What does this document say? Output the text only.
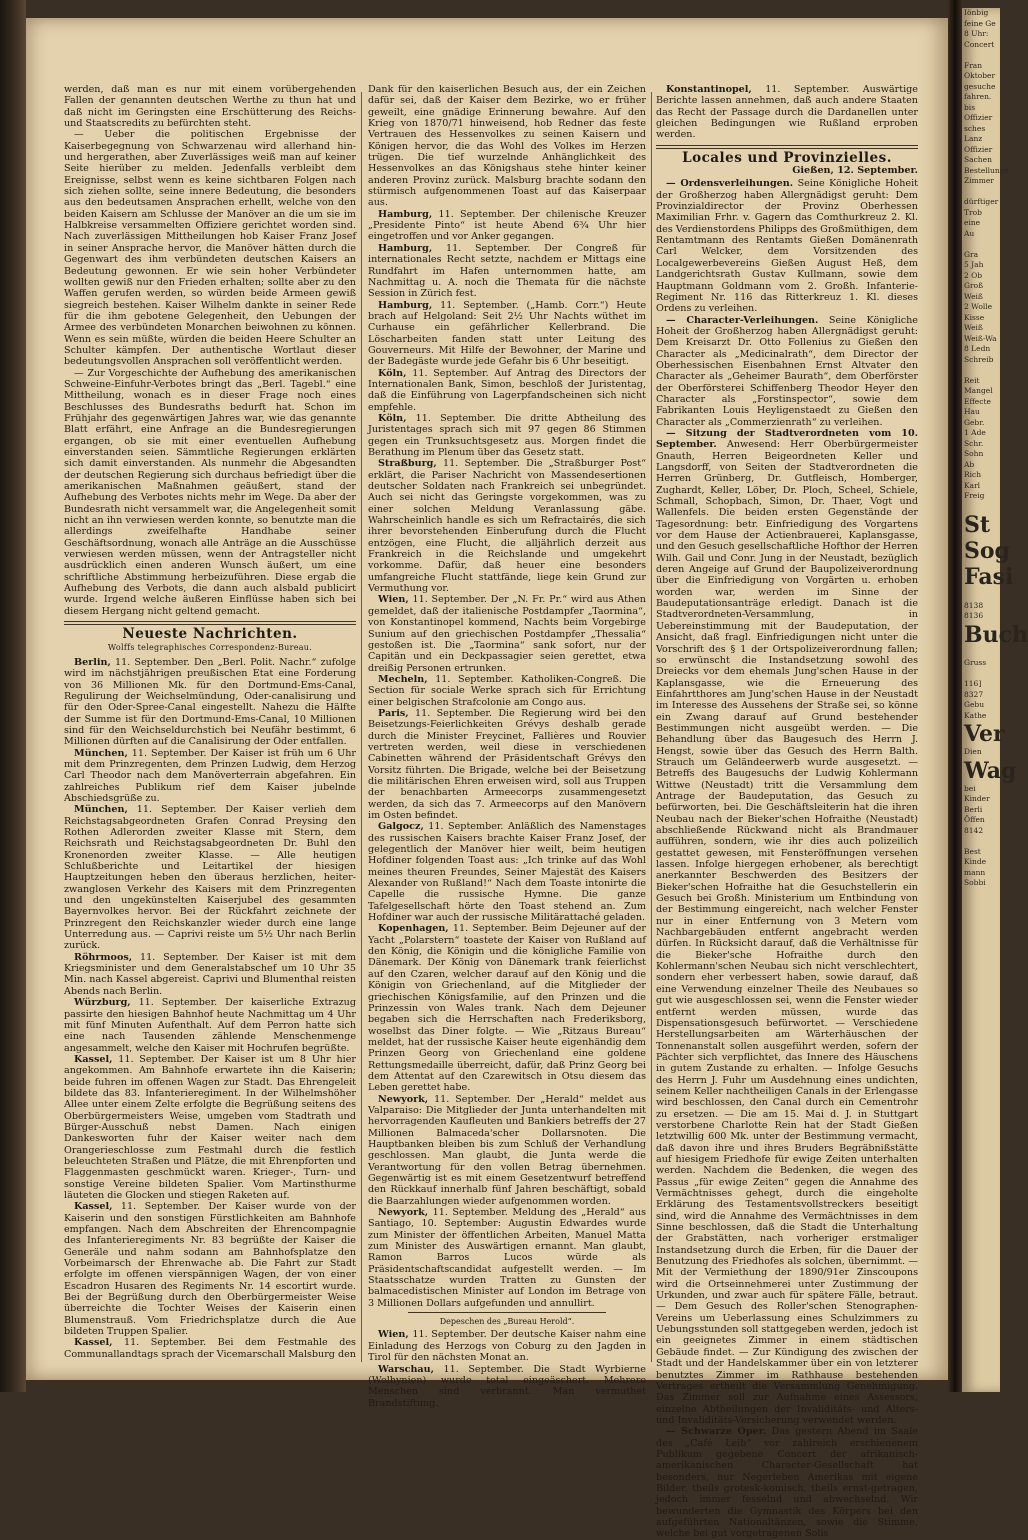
Iönbig
feine Ge
8 Uhr:
Concert

Fran
Oktober
gesuche
fahren.
bis
Offizier
sches
Lanz
Offizier
Sachen
Bestellungs
Zimmer

dürftiger
Trob
eine
Au

Gra
5 Jah
2 Ob
Groß
Weiß
2 Wolle
Kisse
Weiß
Weiß-Wa
8 Ledn
Schreib

Reit
Mangel
Effecte
Hau
Gebr.
1 Ade
Schr.
Sohn
Ab
Rich
Karl
Freig

St
Sog
Fasi

8138
8136
Buch

Gruss

116]
8327
Gebu
Kathe
Ver
Dien
Wag
bei
Kinder
Berli
Öffen
8142

Best
Kinde
mann
Sobbi

werden, daß man es nur mit einem vorübergehenden Fallen der genannten deutschen Werthe zu thun hat und daß nicht im Geringsten eine Erschütterung des Reichs- und Staatscredits zu befürchten steht.

— Ueber die politischen Ergebnisse der Kaiserbegegnung von Schwarzenau wird allerhand hin- und hergerathen, aber Zuverlässiges weiß man auf keiner Seite hierüber zu melden. Jedenfalls verbleibt dem Ereignisse, selbst wenn es keine sichtbaren Folgen nach sich ziehen sollte, seine innere Bedeutung, die besonders aus den bedeutsamen Ansprachen erhellt, welche von den beiden Kaisern am Schlusse der Manöver an die um sie im Halbkreise versammelten Offiziere gerichtet worden sind. Nach zuverlässigen Mittheilungen hob Kaiser Franz Josef in seiner Ansprache hervor, die Manöver hätten durch die Gegenwart des ihm verbündeten deutschen Kaisers an Bedeutung gewonnen. Er wie sein hoher Verbündeter wollten gewiß nur den Frieden erhalten; sollte aber zu den Waffen gerufen werden, so würden beide Armeen gewiß siegreich bestehen. Kaiser Wilhelm dankte in seiner Rede für die ihm gebotene Gelegenheit, den Uebungen der Armee des verbündeten Monarchen beiwohnen zu können. Wenn es sein müßte, würden die beiden Heere Schulter an Schulter kämpfen. Der authentische Wortlaut dieser bedeutungsvollen Ansprachen soll veröffentlicht werden.

— Zur Vorgeschichte der Aufhebung des amerikanischen Schweine-Einfuhr-Verbotes bringt das „Berl. Tagebl.“ eine Mittheilung, wonach es in dieser Frage noch eines Beschlusses des Bundesraths bedurft hat. Schon im Frühjahr des gegenwärtigen Jahres war, wie das genannte Blatt erfährt, eine Anfrage an die Bundesregierungen ergangen, ob sie mit einer eventuellen Aufhebung einverstanden seien. Sämmtliche Regierungen erklärten sich damit einverstanden. Als nunmehr die Abgesandten der deutschen Regierung sich durchaus befriedigt über die amerikanischen Maßnahmen geäußert, stand der Aufhebung des Verbotes nichts mehr im Wege. Da aber der Bundesrath nicht versammelt war, die Angelegenheit somit nicht an ihn verwiesen werden konnte, so benutzte man die allerdings zweifelhafte Handhabe seiner Geschäftsordnung, wonach alle Anträge an die Ausschüsse verwiesen werden müssen, wenn der Antragsteller nicht ausdrücklich einen anderen Wunsch äußert, um eine schriftliche Abstimmung herbeizuführen. Diese ergab die Aufhebung des Verbots, die dann auch alsbald publicirt wurde. Irgend welche äußeren Einflüsse haben sich bei diesem Hergang nicht geltend gemacht.

Neueste Nachrichten.
Wolffs telegraphisches Correspondenz-Bureau.

Berlin, 11. September. Den „Berl. Polit. Nachr.“ zufolge wird im nächstjährigen preußischen Etat eine Forderung von 36 Millionen Mk. für den Dortmund-Ems-Canal, Regulirung der Weichselmündung, Oder-canalisirung und für den Oder-Spree-Canal eingestellt. Nahezu die Hälfte der Summe ist für den Dortmund-Ems-Canal, 10 Millionen sind für den Weichseldurchstich bei Neufähr bestimmt, 6 Millionen dürften auf die Canalisirung der Oder entfallen.

München, 11. September. Der Kaiser ist früh um 6 Uhr mit dem Prinzregenten, dem Prinzen Ludwig, dem Herzog Carl Theodor nach dem Manöverterrain abgefahren. Ein zahlreiches Publikum rief dem Kaiser jubelnde Abschiedsgrüße zu.

München, 11. September. Der Kaiser verlieh dem Reichstagsabgeordneten Grafen Conrad Preysing den Rothen Adlerorden zweiter Klasse mit Stern, dem Reichsrath und Reichstagsabgeordneten Dr. Buhl den Kronenorden zweiter Klasse. — Alle heutigen Schlußberichte und Leitartikel der hiesigen Hauptzeitungen heben den überaus herzlichen, heiter-zwanglosen Verkehr des Kaisers mit dem Prinzregenten und den ungekünstelten Kaiserjubel des gesammten Bayernvolkes hervor. Bei der Rückfahrt zeichnete der Prinzregent den Reichskanzler wieder durch eine lange Unterredung aus. — Caprivi reiste um 5½ Uhr nach Berlin zurück.

Röhrmoos, 11. September. Der Kaiser ist mit dem Kriegsminister und dem Generalstabschef um 10 Uhr 35 Min. nach Kassel abgereist. Caprivi und Blumenthal reisten Abends nach Berlin.

Würzburg, 11. September. Der kaiserliche Extrazug passirte den hiesigen Bahnhof heute Nachmittag um 4 Uhr mit fünf Minuten Aufenthalt. Auf dem Perron hatte sich eine nach Tausenden zählende Menschenmenge angesammelt, welche den Kaiser mit Hochrufen begrüßte.

Kassel, 11. September. Der Kaiser ist um 8 Uhr hier angekommen. Am Bahnhofe erwartete ihn die Kaiserin; beide fuhren im offenen Wagen zur Stadt. Das Ehrengeleit bildete das 83. Infanterieregiment. In der Wilhelmshöher Allee unter einem Zelte erfolgte die Begrüßung seitens des Oberbürgermeisters Weise, umgeben vom Stadtrath und Bürger-Ausschuß nebst Damen. Nach einigen Dankesworten fuhr der Kaiser weiter nach dem Orangerieschlosse zum Festmahl durch die festlich beleuchteten Straßen und Plätze, die mit Ehrenpforten und Flaggenmasten geschmückt waren. Krieger-, Turn- und sonstige Vereine bildeten Spalier. Vom Martinsthurme läuteten die Glocken und stiegen Raketen auf.

Kassel, 11. September. Der Kaiser wurde von der Kaiserin und den sonstigen Fürstlichkeiten am Bahnhofe empfangen. Nach dem Abschreiten der Ehrencompagnie des Infanterieregiments Nr. 83 begrüßte der Kaiser die Generäle und nahm sodann am Bahnhofsplatze den Vorbeimarsch der Ehrenwache ab. Die Fahrt zur Stadt erfolgte im offenen vierspännigen Wagen, der von einer Escadron Husaren des Regiments Nr. 14 escortirt wurde. Bei der Begrüßung durch den Oberbürgermeister Weise überreichte die Tochter Weises der Kaiserin einen Blumenstrauß. Vom Friedrichsplatze durch die Aue bildeten Truppen Spalier.

Kassel, 11. September. Bei dem Festmahle des Communallandtags sprach der Vicemarschall Malsburg den

Dank für den kaiserlichen Besuch aus, der ein Zeichen dafür sei, daß der Kaiser dem Bezirke, wo er früher geweilt, eine gnädige Erinnerung bewahre. Auf den Krieg von 1870/71 hinweisend, hob Redner das feste Vertrauen des Hessenvolkes zu seinen Kaisern und Königen hervor, die das Wohl des Volkes im Herzen trügen. Die tief wurzelnde Anhänglichkeit des Hessenvolkes an das Königshaus stehe hinter keiner anderen Provinz zurück. Malsburg brachte sodann den stürmisch aufgenommenen Toast auf das Kaiserpaar aus.

Hamburg, 11. September. Der chilenische Kreuzer „Presidente Pinto“ ist heute Abend 6¾ Uhr hier eingetroffen und vor Anker gegangen.

Hamburg, 11. September. Der Congreß für internationales Recht setzte, nachdem er Mittags eine Rundfahrt im Hafen unternommen hatte, am Nachmittag u. A. noch die Themata für die nächste Session in Zürich fest.

Hamburg, 11. September. („Hamb. Corr.“) Heute brach auf Helgoland: Seit 2½ Uhr Nachts wüthet im Curhause ein gefährlicher Kellerbrand. Die Löscharbeiten fanden statt unter Leitung des Gouverneurs. Mit Hilfe der Bewohner, der Marine und der Badegäste wurde jede Gefahr bis 6 Uhr beseitigt.

Köln, 11. September. Auf Antrag des Directors der Internationalen Bank, Simon, beschloß der Juristentag, daß die Einführung von Lagerpfandscheinen sich nicht empfehle.

Köln, 11. September. Die dritte Abtheilung des Juristentages sprach sich mit 97 gegen 86 Stimmen gegen ein Trunksuchtsgesetz aus. Morgen findet die Berathung im Plenum über das Gesetz statt.

Straßburg, 11. September. Die „Straßburger Post“ erklärt, die Pariser Nachricht von Massendesertionen deutscher Soldaten nach Frankreich sei unbegründet. Auch sei nicht das Geringste vorgekommen, was zu einer solchen Meldung Veranlassung gäbe. Wahrscheinlich handle es sich um Refractairés, die sich ihrer bevorstehenden Einberufung durch die Flucht entzögen, eine Flucht, die alljährlich derzeit aus Frankreich in die Reichslande und umgekehrt vorkomme. Dafür, daß heuer eine besonders umfangreiche Flucht stattfände, liege kein Grund zur Vermuthung vor.

Wien, 11. September. Der „N. Fr. Pr.“ wird aus Athen gemeldet, daß der italienische Postdampfer „Taormina“, von Konstantinopel kommend, Nachts beim Vorgebirge Sunium auf den griechischen Postdampfer „Thessalia“ gestoßen ist. Die „Taormina“ sank sofort, nur der Capitän und ein Deckpassagier seien gerettet, etwa dreißig Personen ertrunken.

Mecheln, 11. September. Katholiken-Congreß. Die Section für sociale Werke sprach sich für Errichtung einer belgischen Strafcolonie am Congo aus.

Paris, 11. September. Die Regierung wird bei den Beisetzungs-Feierlichkeiten Grévys deshalb gerade durch die Minister Freycinet, Fallières und Rouvier vertreten werden, weil diese in verschiedenen Cabinetten während der Präsidentschaft Grévys den Vorsitz führten. Die Brigade, welche bei der Beisetzung die militärischen Ehren erweisen wird, soll aus Truppen der benachbarten Armeecorps zusammengesetzt werden, da sich das 7. Armeecorps auf den Manövern im Osten befindet.

Galgocz, 11. September. Anläßlich des Namenstages des russischen Kaisers brachte Kaiser Franz Josef, der gelegentlich der Manöver hier weilt, beim heutigen Hofdiner folgenden Toast aus: „Ich trinke auf das Wohl meines theuren Freundes, Seiner Majestät des Kaisers Alexander von Rußland!“ Nach dem Toaste intonirte die Capelle die russische Hymne. Die ganze Tafelgesellschaft hörte den Toast stehend an. Zum Hofdiner war auch der russische Militärattaché geladen.

Kopenhagen, 11. September. Beim Dejeuner auf der Yacht „Polarstern“ toastete der Kaiser von Rußland auf den König, die Königin und die königliche Familie von Dänemark. Der König von Dänemark trank feierlichst auf den Czaren, welcher darauf auf den König und die Königin von Griechenland, auf die Mitglieder der griechischen Königsfamilie, auf den Prinzen und die Prinzessin von Wales trank. Nach dem Dejeuner begaben sich die Herrschaften nach Frederiksborg, woselbst das Diner folgte. — Wie „Ritzaus Bureau“ meldet, hat der russische Kaiser heute eigenhändig dem Prinzen Georg von Griechenland eine goldene Rettungsmedaille überreicht, dafür, daß Prinz Georg bei dem Attentat auf den Czarewitsch in Otsu diesem das Leben gerettet habe.

Newyork, 11. September. Der „Herald“ meldet aus Valparaiso: Die Mitglieder der Junta unterhandelten mit hervorragenden Kaufleuten und Bankiers betreffs der 27 Millionen Balmaceda'scher Dollarsnoten. Die Hauptbanken bleiben bis zum Schluß der Verhandlung geschlossen. Man glaubt, die Junta werde die Verantwortung für den vollen Betrag übernehmen. Gegenwärtig ist es mit einem Gesetzentwurf betreffend den Rückkauf innerhalb fünf Jahren beschäftigt, sobald die Baarzahlungen wieder aufgenommen worden.

Newyork, 11. September. Meldung des „Herald“ aus Santiago, 10. September: Augustin Edwardes wurde zum Minister der öffentlichen Arbeiten, Manuel Matta zum Minister des Auswärtigen ernannt. Man glaubt, Ramon Barros Lucos würde als Präsidentschaftscandidat aufgestellt werden. — Im Staatsschatze wurden Tratten zu Gunsten der balmacedistischen Minister auf London im Betrage von 3 Millionen Dollars aufgefunden und annullirt.

Depeschen des „Bureau Herold“.

Wien, 11. September. Der deutsche Kaiser nahm eine Einladung des Herzogs von Coburg zu den Jagden in Tirol für den nächsten Monat an.

Warschau, 11. September. Die Stadt Wyrbierne (Wolhynien) wurde total eingeäschert. Mehrere Menschen sind verbrannt. Man vermuthet Brandstiftung.

Konstantinopel, 11. September. Auswärtige Berichte lassen annehmen, daß auch andere Staaten das Recht der Passage durch die Dardanellen unter gleichen Bedingungen wie Rußland erproben werden.

Locales und Provinzielles.
Gießen, 12. September.

— Ordensverleihungen. Seine Königliche Hoheit der Großherzog haben Allergnädigst geruht: Dem Provinzialdirector der Provinz Oberhessen Maximilian Frhr. v. Gagern das Comthurkreuz 2. Kl. des Verdienstordens Philipps des Großmüthigen, dem Rentamtmann des Rentamts Gießen Domänenrath Carl Welcker, dem Vorsitzenden des Localgewerbevereins Gießen August Heß, dem Landgerichtsrath Gustav Kullmann, sowie dem Hauptmann Goldmann vom 2. Großh. Infanterie-Regiment Nr. 116 das Ritterkreuz 1. Kl. dieses Ordens zu verleihen.

— Character-Verleihungen. Seine Königliche Hoheit der Großherzog haben Allergnädigst geruht: Dem Kreisarzt Dr. Otto Follenius zu Gießen den Character als „Medicinalrath“, dem Director der Oberhessischen Eisenbahnen Ernst Altvater den Character als „Geheimer Baurath“, dem Oberförster der Oberförsterei Schiffenberg Theodor Heyer den Character als „Forstinspector“, sowie dem Fabrikanten Louis Heyligenstaedt zu Gießen den Character als „Commerzienrath“ zu verleihen.

— Sitzung der Stadtverordneten vom 10. September. Anwesend: Herr Oberbürgermeister Gnauth, Herren Beigeordneten Keller und Langsdorff, von Seiten der Stadtverordneten die Herren Grünberg, Dr. Gutfleisch, Homberger, Zughardt, Keller, Löber, Dr. Ploch, Scheel, Schiele, Schmall, Schopbach, Simon, Dr. Thaer, Vogt und Wallenfels. Die beiden ersten Gegenstände der Tagesordnung: betr. Einfriedigung des Vorgartens vor dem Hause der Actienbrauerei, Kaplansgasse, und den Gesuch gesellschaftliche Hofthor der Herren Wilh. Gail und Conr. Jung in der Neustadt, bezüglich deren Angeige auf Grund der Baupolizeiverordnung über die Einfriedigung von Vorgärten u. erhoben worden war, werden im Sinne der Baudeputationsanträge erledigt. Danach ist die Stadtverordneten-Versammlung, in Uebereinstimmung mit der Baudeputation, der Ansicht, daß fragl. Einfriedigungen nicht unter die Vorschrift des § 1 der Ortspolizeiverordnung fallen; so erwünscht die Instandsetzung sowohl des Dreiecks vor dem ehemals Jung'schen Hause in der Kaplansgasse, wie die Erneuerung des Einfahrtthores am Jung'schen Hause in der Neustadt im Interesse des Aussehens der Straße sei, so könne ein Zwang darauf auf Grund bestehender Bestimmungen nicht ausgeübt werden. — Die Behandlung über das Baugesuch des Herrn J. Hengst, sowie über das Gesuch des Herrn Balth. Strauch um Geländeerwerb wurde ausgesetzt. — Betreffs des Baugesuchs der Ludwig Kohlermann Wittwe (Neustadt) tritt die Versammlung dem Antrage der Baudeputation, das Gesuch zu befürworten, bei. Die Geschäftsleiterin hat die ihren Neubau nach der Bieker'schen Hofraithe (Neustadt) abschließende Rückwand nicht als Brandmauer aufführen, sondern, wie ihr dies auch polizeilich gestattet gewesen, mit Fensteröffnungen versehen lassen. Infolge hiergegen erhobener, als berechtigt anerkannter Beschwerden des Besitzers der Bieker'schen Hofraithe hat die Gesuchstellerin ein Gesuch bei Großh. Ministerium um Entbindung von der Bestimmung eingereicht, nach welcher Fenster nur in einer Entfernung von 3 Metern vom Nachbargebäuden entfernt angebracht werden dürfen. In Rücksicht darauf, daß die Verhältnisse für die Bieker'sche Hofraithe durch den Kohlermann'schen Neubau sich nicht verschlechtert, sondern eher verbessert haben, sowie darauf, daß eine Verwendung einzelner Theile des Neubaues so gut wie ausgeschlossen sei, wenn die Fenster wieder entfernt werden müssen, wurde das Dispensationsgesuch befürwortet. — Verschiedene Herstellungsarbeiten am Wärterhäuschen der Tonnenanstalt sollen ausgeführt werden, sofern der Pächter sich verpflichtet, das Innere des Häuschens in gutem Zustande zu erhalten. — Infolge Gesuchs des Herrn J. Fuhr um Ausdehnung eines undichten, seinem Keller nachtheiligen Canals in der Erlengasse wird beschlossen, den Canal durch ein Cementrohr zu ersetzen. — Die am 15. Mai d. J. in Stuttgart verstorbene Charlotte Rein hat der Stadt Gießen letztwillig 600 Mk. unter der Bestimmung vermacht, daß davon ihre und ihres Bruders Begräbnißstätte auf hiesigem Friedhofe für ewige Zeiten unterhalten werden. Nachdem die Bedenken, die wegen des Passus „für ewige Zeiten“ gegen die Annahme des Vermächtnisses gehegt, durch die eingeholte Erklärung des Testamentsvollstreckers beseitigt sind, wird die Annahme des Vermächtnisses in dem Sinne beschlossen, daß die Stadt die Unterhaltung der Grabstätten, nach vorheriger erstmaliger Instandsetzung durch die Erben, für die Dauer der Benutzung des Friedhofes als solchen, übernimmt. — Mit der Vermiethung der 1890/91er Zinscoupons wird die Ortseinnehmerei unter Zustimmung der Urkunden, und zwar auch für spätere Fälle, betraut. — Dem Gesuch des Roller'schen Stenographen-Vereins um Ueberlassung eines Schulzimmers zu Uebungsstunden soll stattgegeben werden, jedoch ist ein geeignetes Zimmer in einem städtischen Gebäude findet. — Zur Kündigung des zwischen der Stadt und der Handelskammer über ein von letzterer benutztes Zimmer im Rathhause bestehenden Vertrages ertheilt die Versammlung Genehmigung. Das Zimmer soll zur Aufnahme eines Assessors, einzelne Abtheilungen der Invaliditäts- und Alters- und Invaliditäts-Versicherung verwendet werden.

— Schwarze Oper. Das gestern Abend im Saale des „Café Leib“ vor zahlreich erschienenem Publikum gegebene Concert der afrikanisch-amerikanischen Character-Gesellschaft hat besonders, nur Negerleben Amerikas mit eigene Bilder, theils grotesk-komisch, theils ernst-getragen, jedoch immer fesselnd und abwechselnd. Wir bewunderten die Gymnastik des Körpers bei den aufgeführten Nationaltänzen, sowie die Stimme, welche bei gut vorgetragenen Solis
